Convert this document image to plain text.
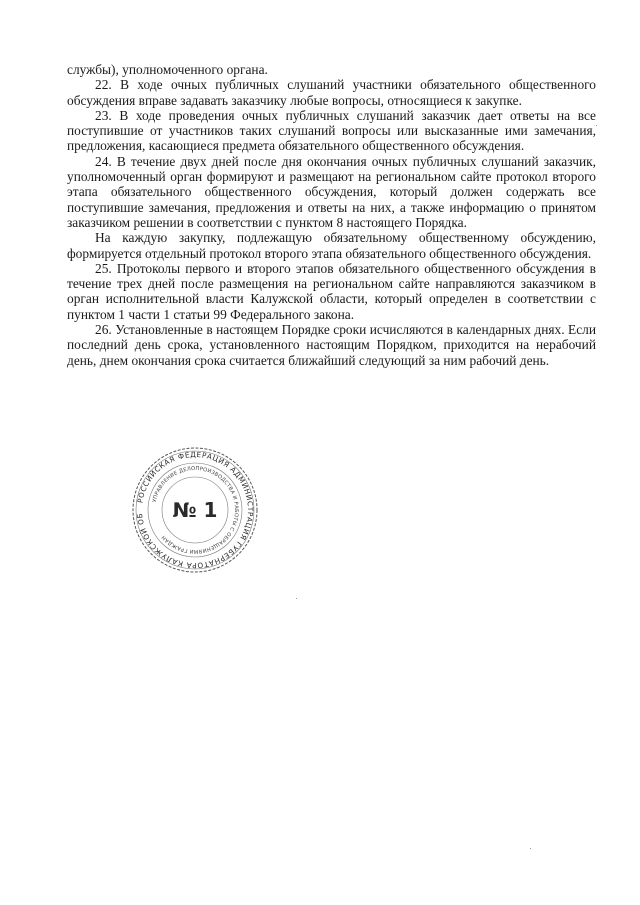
службы), уполномоченного органа.

22. В ходе очных публичных слушаний участники обязательного общественного обсуждения вправе задавать заказчику любые вопросы, относящиеся к закупке.

23. В ходе проведения очных публичных слушаний заказчик дает ответы на все поступившие от участников таких слушаний вопросы или высказанные ими замечания, предложения, касающиеся предмета обязательного общественного обсуждения.

24. В течение двух дней после дня окончания очных публичных слушаний заказчик, уполномоченный орган формируют и размещают на региональном сайте протокол второго этапа обязательного общественного обсуждения, который должен содержать все поступившие замечания, предложения и ответы на них, а также информацию о принятом заказчиком решении в соответствии с пунктом 8 настоящего Порядка.

На каждую закупку, подлежащую обязательному общественному обсуждению, формируется отдельный протокол второго этапа обязательного общественного обсуждения.

25. Протоколы первого и второго этапов обязательного общественного обсуждения в течение трех дней после размещения на региональном сайте направляются заказчиком в орган исполнительной власти Калужской области, который определен в соответствии с пунктом 1 части 1 статьи 99 Федерального закона.

26. Установленные в настоящем Порядке сроки исчисляются в календарных днях. Если последний день срока, установленного настоящим Порядком, приходится на нерабочий день, днем окончания срока считается ближайший следующий за ним рабочий день.

РОССИЙСКАЯ ФЕДЕРАЦИЯ АДМИНИСТРАЦИЯ ГУБЕРНАТОРА КАЛУЖСКОЙ ОБ
УПРАВЛЕНИЕ ДЕЛОПРОИЗВОДСТВА И РАБОТЫ С ОБРАЩЕНИЯМИ ГРАЖДАН
№ 1
